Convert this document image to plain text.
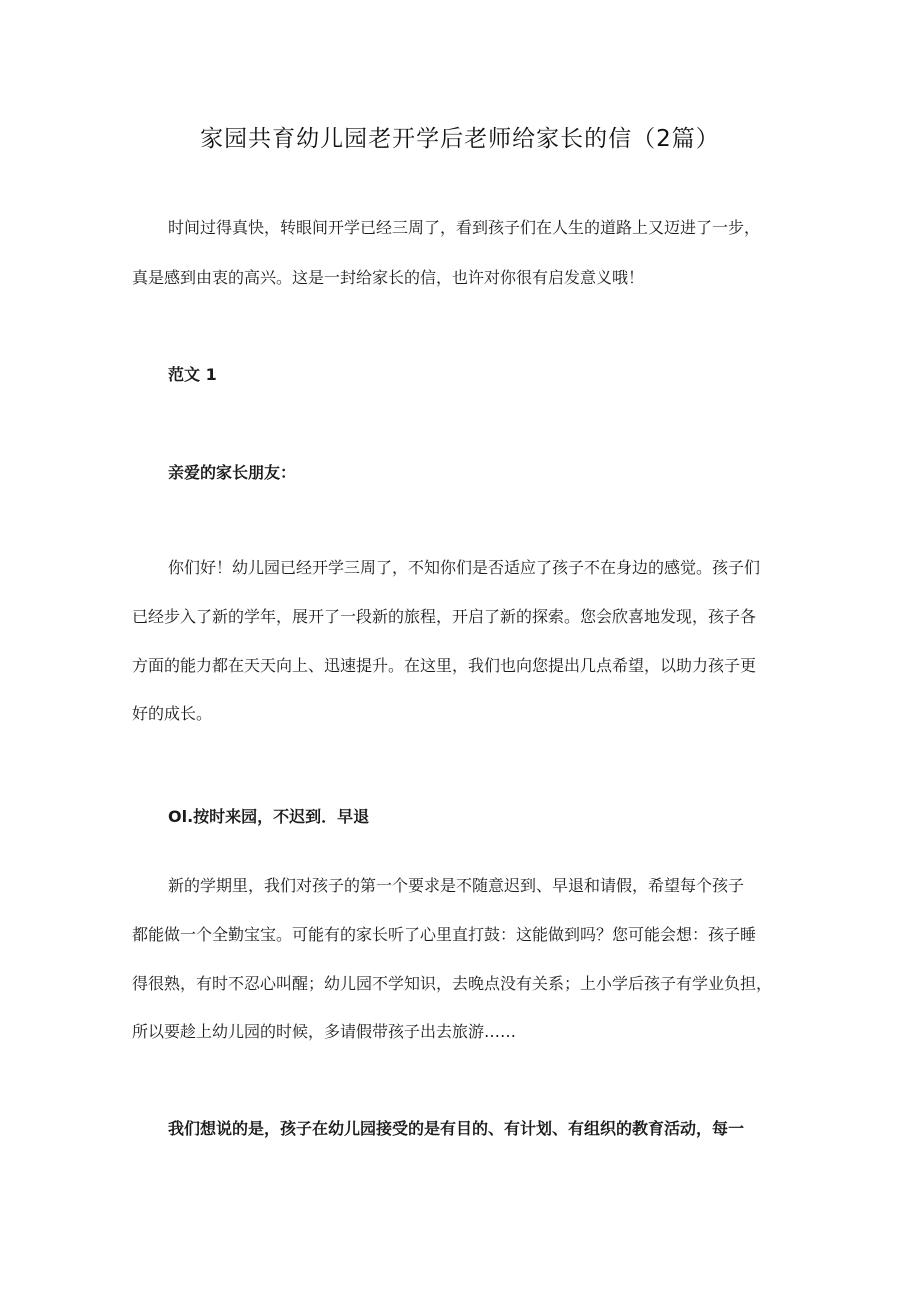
家园共育幼儿园老开学后老师给家长的信（2篇）
时间过得真快，转眼间开学已经三周了，看到孩子们在人生的道路上又迈进了一步，
真是感到由衷的高兴。这是一封给家长的信，也许对你很有启发意义哦！
范文 1
亲爱的家长朋友：
你们好！幼儿园已经开学三周了，不知你们是否适应了孩子不在身边的感觉。孩子们
已经步入了新的学年，展开了一段新的旅程，开启了新的探索。您会欣喜地发现，孩子各
方面的能力都在天天向上、迅速提升。在这里，我们也向您提出几点希望，以助力孩子更
好的成长。
Ol.按时来园，不迟到．早退
新的学期里，我们对孩子的第一个要求是不随意迟到、早退和请假，希望每个孩子
都能做一个全勤宝宝。可能有的家长听了心里直打鼓：这能做到吗？您可能会想：孩子睡
得很熟，有时不忍心叫醒；幼儿园不学知识，去晚点没有关系；上小学后孩子有学业负担，
所以要趁上幼儿园的时候，多请假带孩子出去旅游……
我们想说的是，孩子在幼儿园接受的是有目的、有计划、有组织的教育活动，每一
